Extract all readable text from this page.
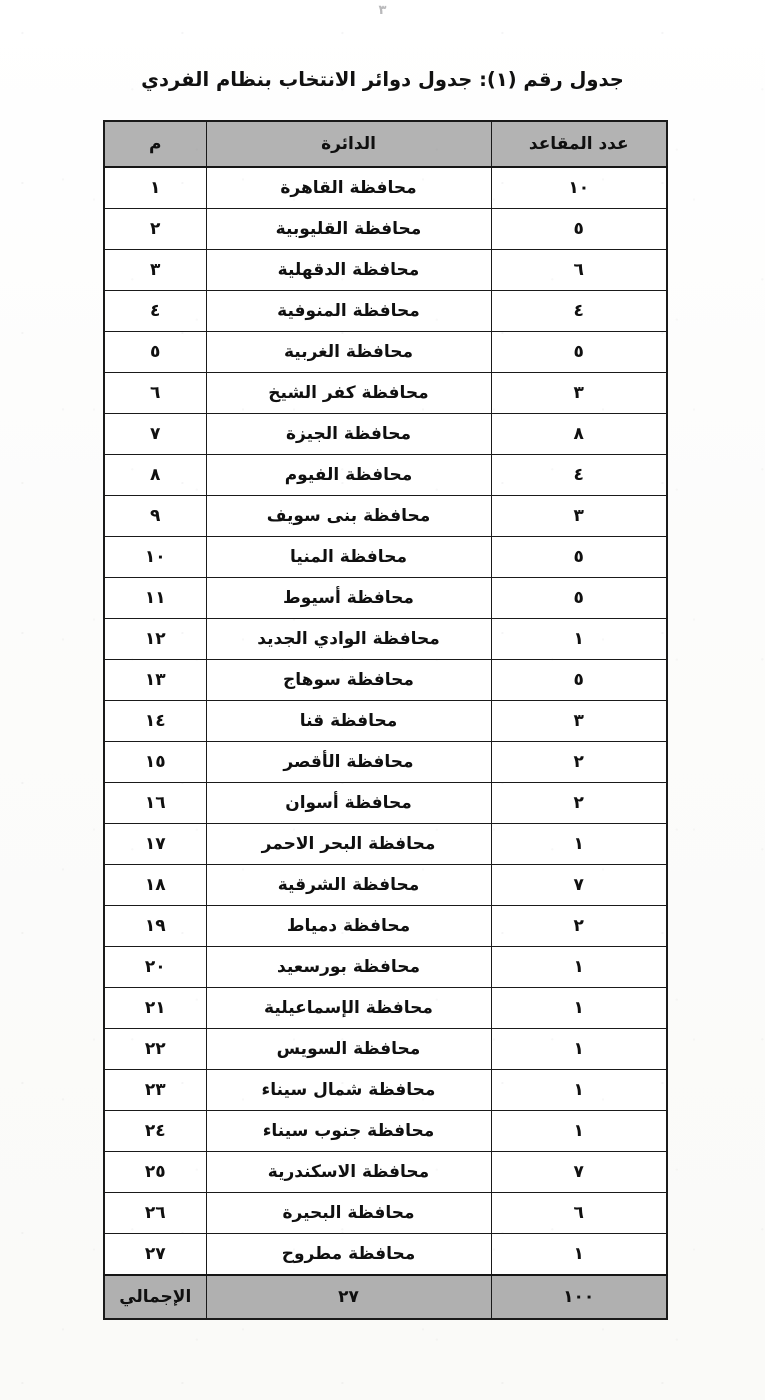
٣
جدول رقم (١): جدول دوائر الانتخاب بنظام الفردي
عدد المقاعد	الدائرة	م
١٠	محافظة القاهرة	١
٥	محافظة القليوبية	٢
٦	محافظة الدقهلية	٣
٤	محافظة المنوفية	٤
٥	محافظة الغربية	٥
٣	محافظة كفر الشيخ	٦
٨	محافظة الجيزة	٧
٤	محافظة الفيوم	٨
٣	محافظة بنى سويف	٩
٥	محافظة المنيا	١٠
٥	محافظة أسيوط	١١
١	محافظة الوادي الجديد	١٢
٥	محافظة سوهاج	١٣
٣	محافظة قنا	١٤
٢	محافظة الأقصر	١٥
٢	محافظة أسوان	١٦
١	محافظة البحر الاحمر	١٧
٧	محافظة الشرقية	١٨
٢	محافظة دمياط	١٩
١	محافظة بورسعيد	٢٠
١	محافظة الإسماعيلية	٢١
١	محافظة السويس	٢٢
١	محافظة شمال سيناء	٢٣
١	محافظة جنوب سيناء	٢٤
٧	محافظة الاسكندرية	٢٥
٦	محافظة البحيرة	٢٦
١	محافظة مطروح	٢٧
١٠٠	٢٧	الإجمالي
